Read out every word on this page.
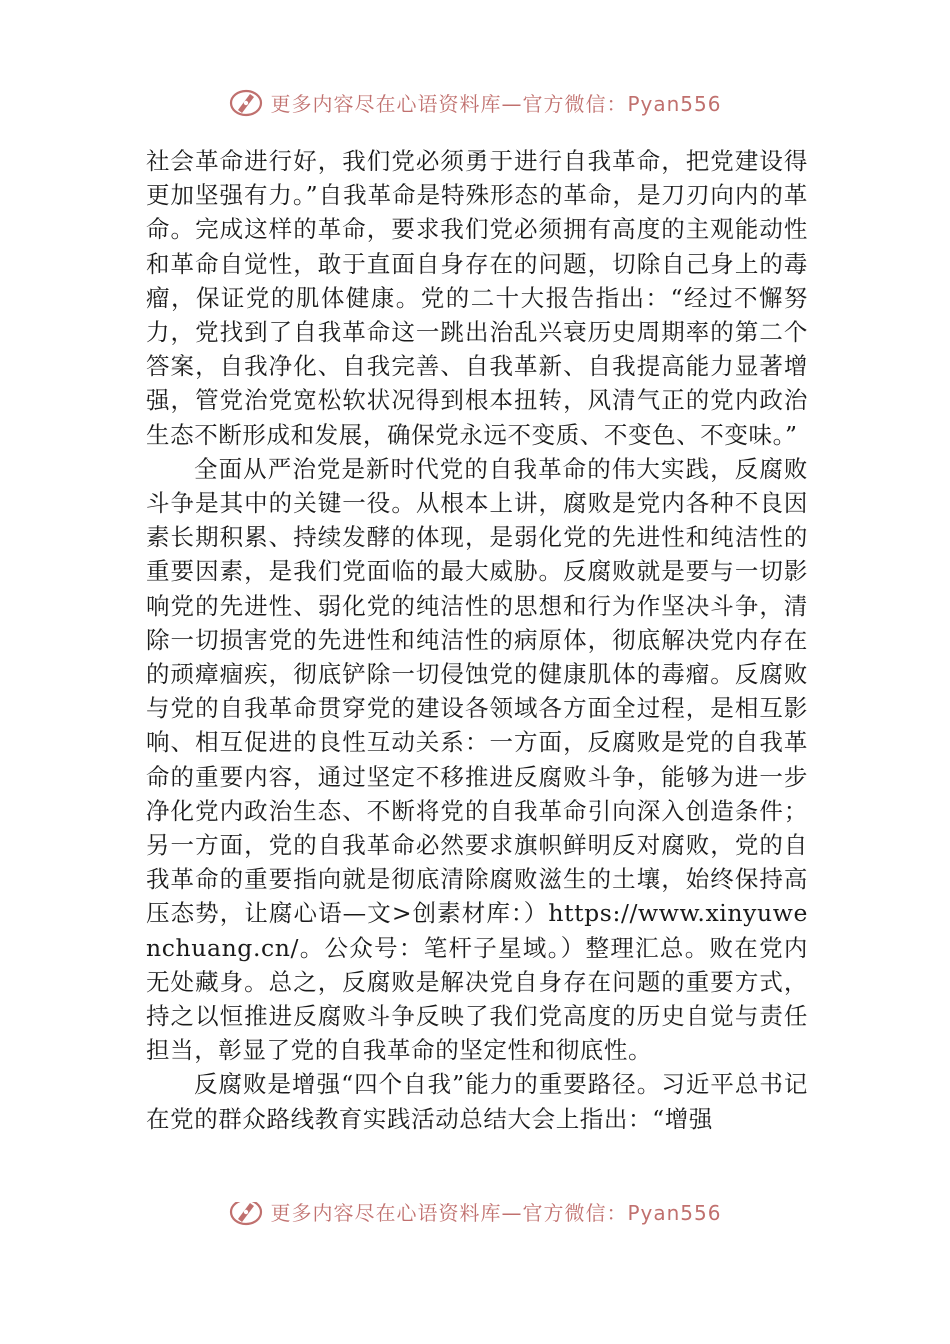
更多内容尽在心语资料库—官方微信：Pyan556

社会革命进行好，我们党必须勇于进行自我革命，把党建设得更加坚强有力。”自我革命是特殊形态的革命，是刀刃向内的革命。完成这样的革命，要求我们党必须拥有高度的主观能动性和革命自觉性，敢于直面自身存在的问题，切除自己身上的毒瘤，保证党的肌体健康。党的二十大报告指出：“经过不懈努力，党找到了自我革命这一跳出治乱兴衰历史周期率的第二个答案，自我净化、自我完善、自我革新、自我提高能力显著增强，管党治党宽松软状况得到根本扭转，风清气正的党内政治生态不断形成和发展，确保党永远不变质、不变色、不变味。”

全面从严治党是新时代党的自我革命的伟大实践，反腐败斗争是其中的关键一役。从根本上讲，腐败是党内各种不良因素长期积累、持续发酵的体现，是弱化党的先进性和纯洁性的重要因素，是我们党面临的最大威胁。反腐败就是要与一切影响党的先进性、弱化党的纯洁性的思想和行为作坚决斗争，清除一切损害党的先进性和纯洁性的病原体，彻底解决党内存在的顽瘴痼疾，彻底铲除一切侵蚀党的健康肌体的毒瘤。反腐败与党的自我革命贯穿党的建设各领域各方面全过程，是相互影响、相互促进的良性互动关系：一方面，反腐败是党的自我革命的重要内容，通过坚定不移推进反腐败斗争，能够为进一步净化党内政治生态、不断将党的自我革命引向深入创造条件；另一方面，党的自我革命必然要求旗帜鲜明反对腐败，党的自我革命的重要指向就是彻底清除腐败滋生的土壤，始终保持高压态势，让腐心语—文>创素材库：）https://www.xinyuwenchuang.cn/。公众号：笔杆子星域。）整理汇总。败在党内无处藏身。总之，反腐败是解决党自身存在问题的重要方式，持之以恒推进反腐败斗争反映了我们党高度的历史自觉与责任担当，彰显了党的自我革命的坚定性和彻底性。

反腐败是增强“四个自我”能力的重要路径。习近平总书记在党的群众路线教育实践活动总结大会上指出：“增强

更多内容尽在心语资料库—官方微信：Pyan556
